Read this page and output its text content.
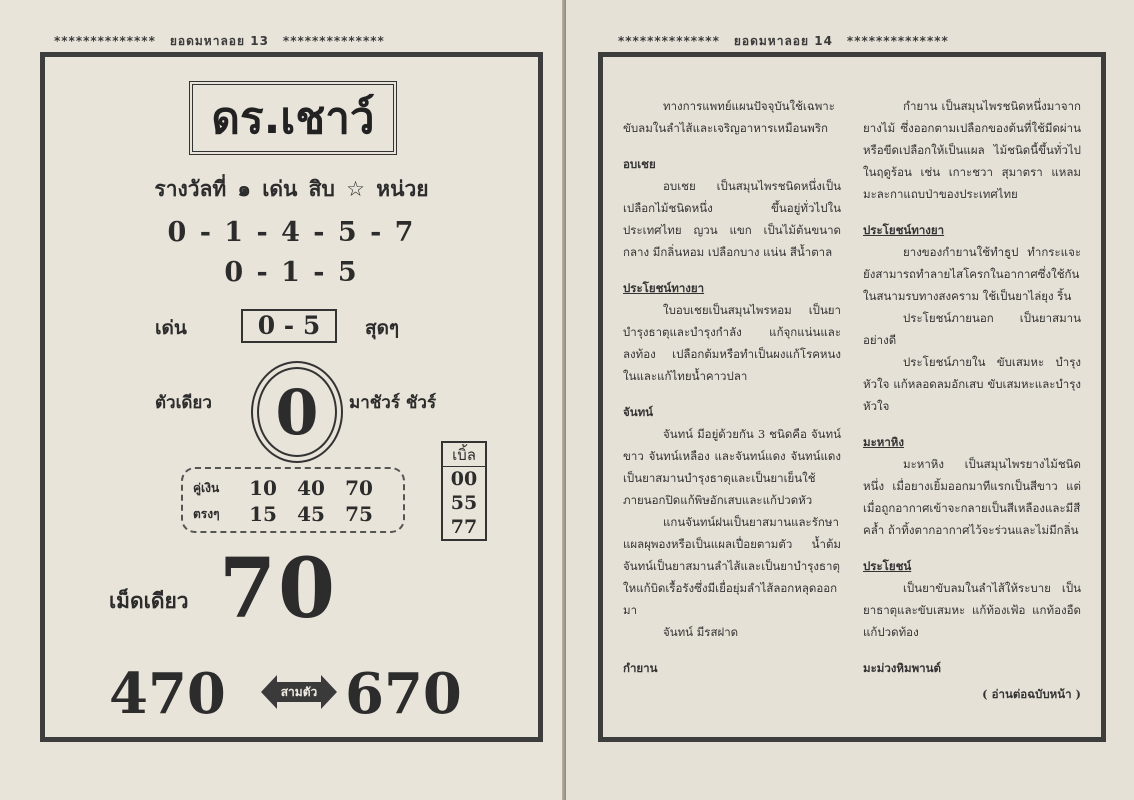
************** ยอดมหาลอย 13 **************
ดร.เชาว์
รางวัลที่ ๑ เด่น สิบ ☆ หน่วย
0 - 1 - 4 - 5 - 7
0 - 1 - 5
เด่น	0 - 5	สุดๆ
ตัวเดียว 0 มาชัวร์ ชัวร์
คู่เงิน	10	40	70
ตรงๆ	15	45	75
เบิ้ล
00
55
77
เม็ดเดียว 70
470	สามตัว 670
************** ยอดมหาลอย 14 **************

ทางการแพทย์แผนปัจจุบันใช้เฉพาะขับลมในลำไส้และเจริญอาหารเหมือนพริก

อบเชย

อบเชย เป็นสมุนไพรชนิดหนึ่งเป็นเปลือกไม้ชนิดหนึ่ง ขึ้นอยู่ทั่วไปในประเทศไทย ญวน แขก เป็นไม้ต้นขนาดกลาง มีกลิ่นหอม เปลือกบาง แน่น สีน้ำตาล

ประโยชน์ทางยา

ใบอบเชยเป็นสมุนไพรหอม เป็นยาบำรุงธาตุและบำรุงกำลัง แก้จุกแน่นและลงท้อง เปลือกต้มหรือทำเป็นผงแก้โรคหนงในและแก้ไทยน้ำคาวปลา

จันทน์

จันทน์ มีอยู่ด้วยกัน 3 ชนิดคือ จันทน์ขาว จันทน์เหลือง และจันทน์แดง จันทน์แดงเป็นยาสมานบำรุงธาตุและเป็นยาเย็นใช้ภายนอกปิดแก้พิษอักเสบและแก้ปวดหัว

แกนจันทน์ฝนเป็นยาสมานและรักษาแผลผุพองหรือเป็นแผลเปื่อยตามตัว น้ำต้มจันทน์เป็นยาสมานลำไส้และเป็นยาบำรุงธาตุใหแก้บิดเรื้อรังซึ่งมีเยื่อยุ่มลำไส้ลอกหลุดออกมา

จันทน์ มีรสฝาด

กำยาน

กำยาน เป็นสมุนไพรชนิดหนึ่งมาจากยางไม้ ซึ่งออกตามเปลือกของต้นที่ใช้มีดผ่านหรือขีดเปลือกให้เป็นแผล ไม้ชนิดนี้ขึ้นทั่วไปในฤดูร้อน เช่น เกาะชวา สุมาตรา แหลมมะละกาแถบป่าของประเทศไทย

ประโยชน์ทางยา

ยางของกำยานใช้ทำธูป ทำกระแจะยังสามารถทำลายไสโครกในอากาศซึ่งใช้กันในสนามรบทางสงคราม ใช้เป็นยาไล่ยุง ริ้น

ประโยชน์ภายนอก เป็นยาสมานอย่างดี

ประโยชน์ภายใน ขับเสมหะ บำรุงหัวใจ แก้หลอดลมอักเสบ ขับเสมหะและบำรุงหัวใจ

มะหาหิง

มะหาหิง เป็นสมุนไพรยางไม้ชนิดหนึ่ง เมื่อยางเยิ้มออกมาทีแรกเป็นสีขาว แต่เมื่อถูกอากาศเข้าจะกลายเป็นสีเหลืองและมีสีคล้ำ ถ้าทิ้งตากอากาศไว้จะร่วนและไม่มีกลิ่น

ประโยชน์

เป็นยาขับลมในลำไส้ให้ระบาย เป็นยาธาตุและขับเสมหะ แก้ท้องเฟ้อ แกท้องอืดแก้ปวดท้อง

มะม่วงหิมพานต์
( อ่านต่อฉบับหน้า )
